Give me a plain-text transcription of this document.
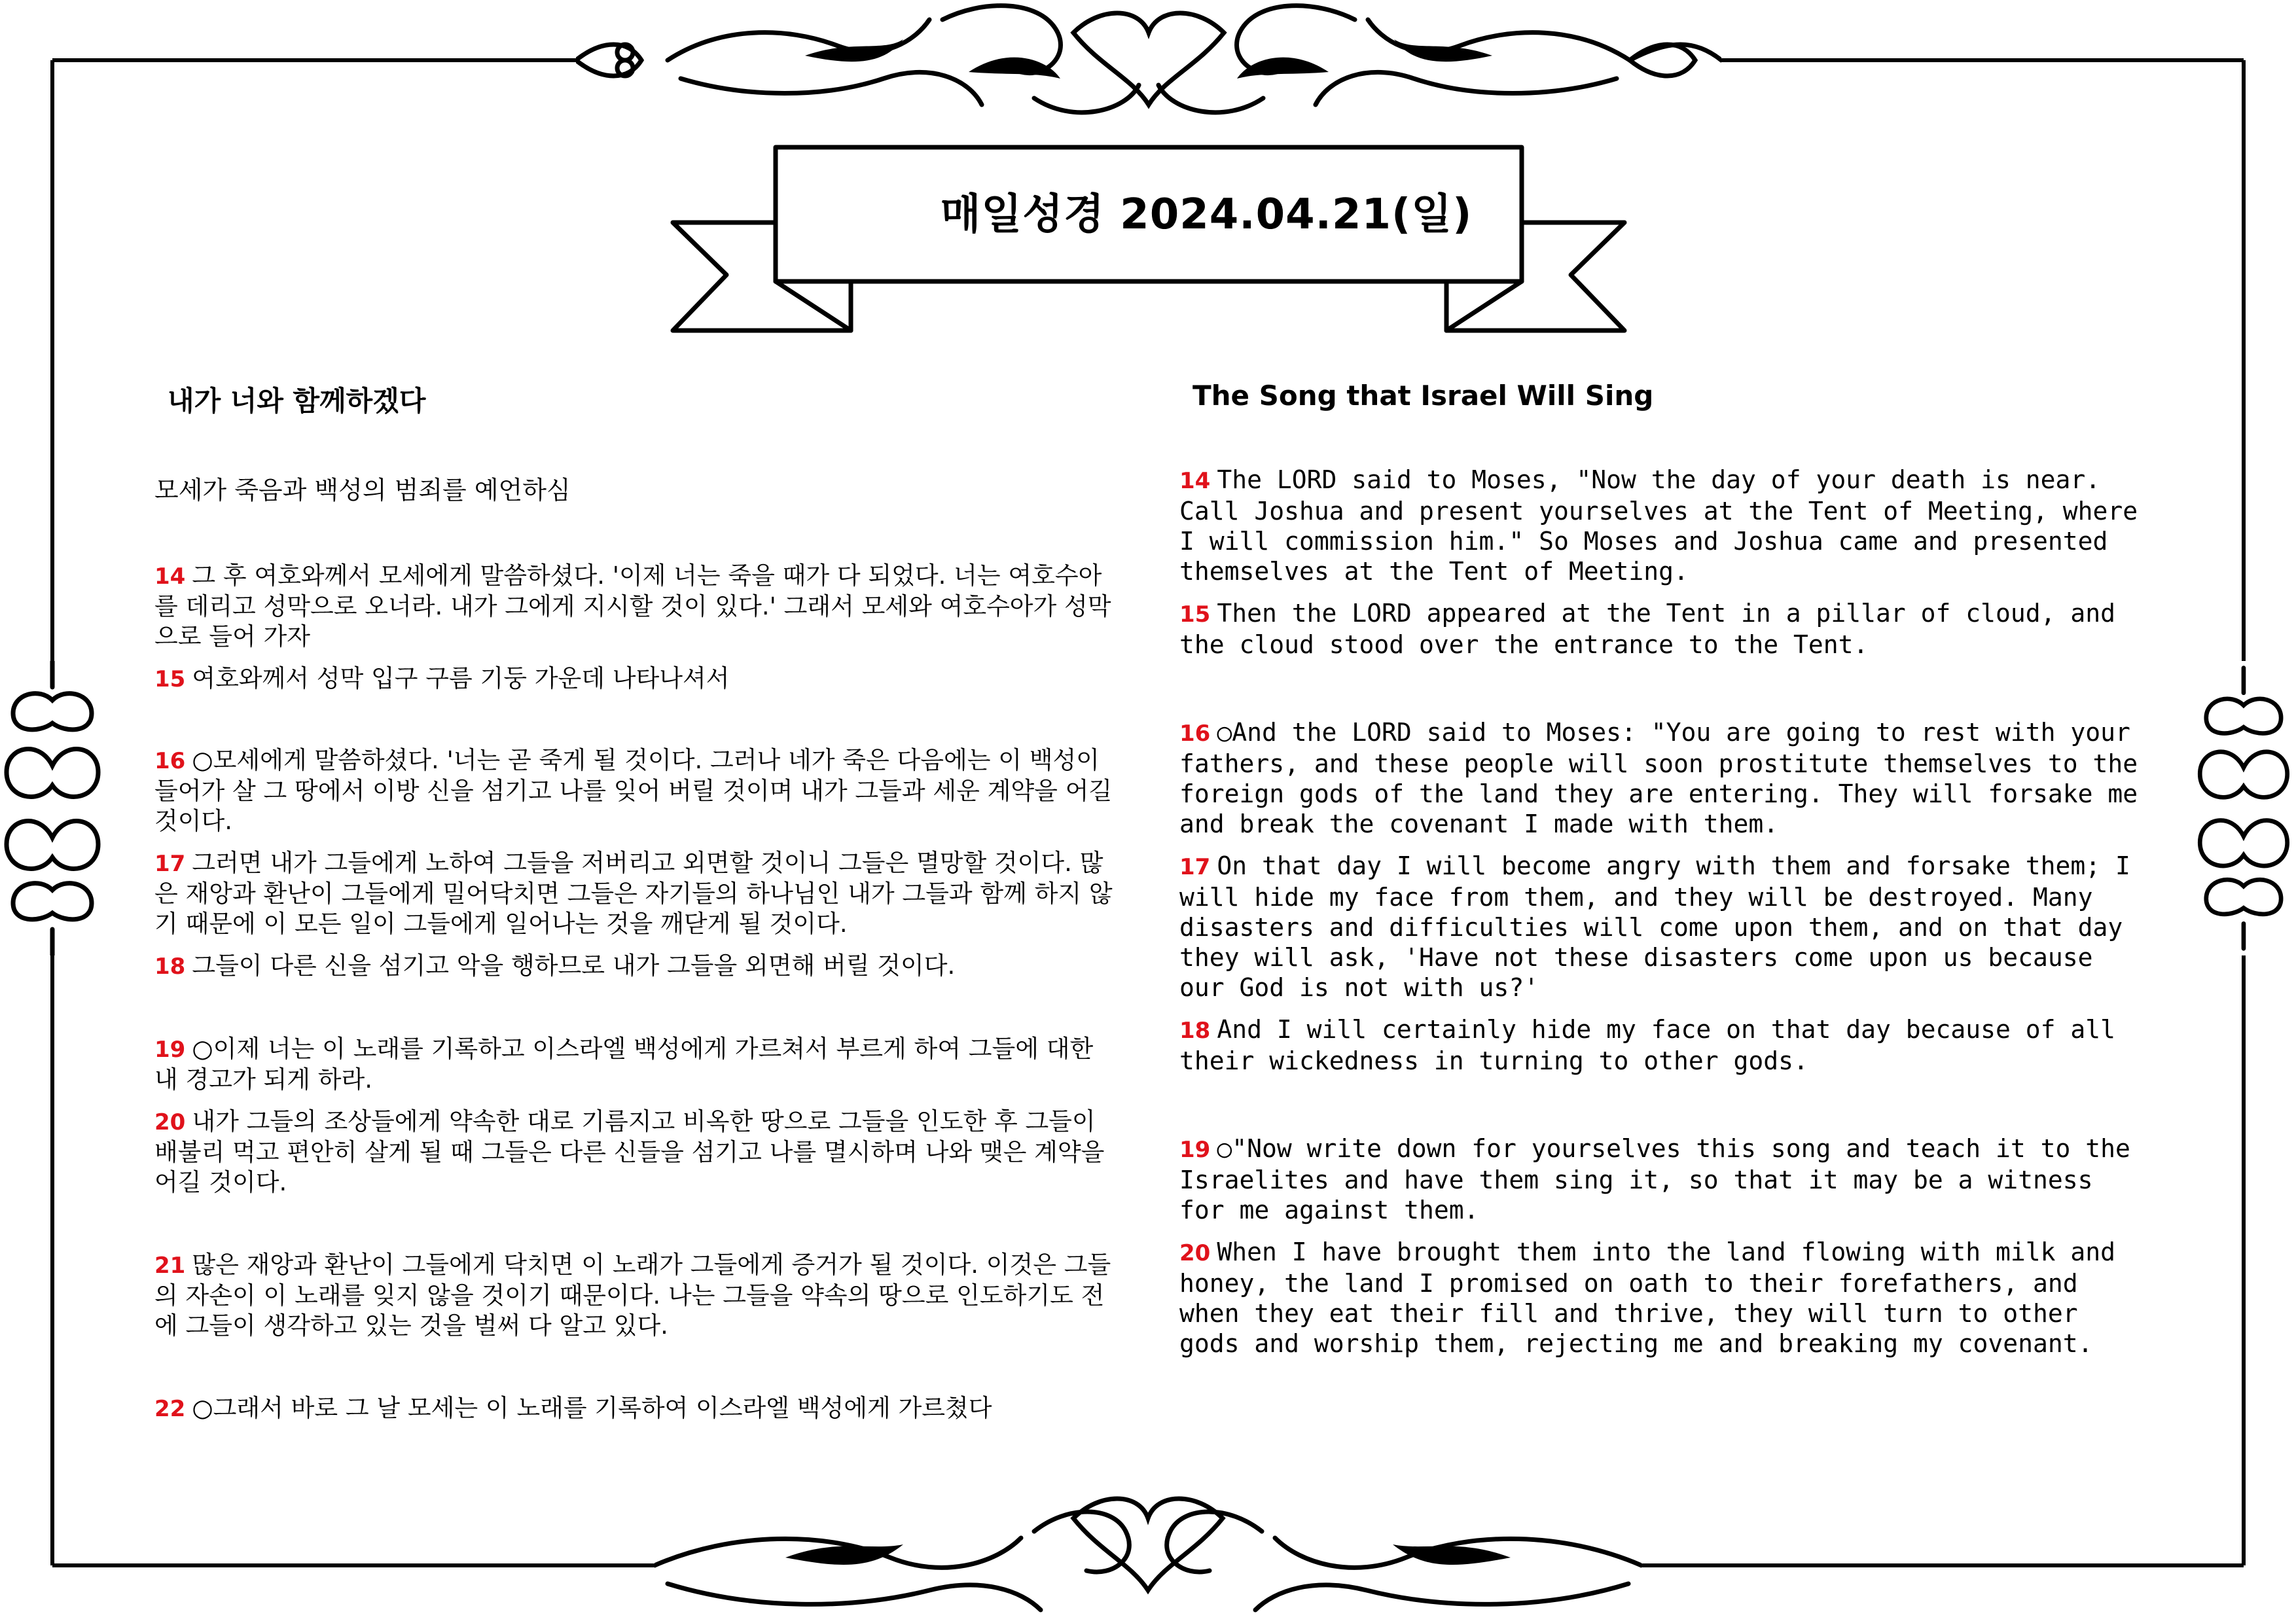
매일성경 2024.04.21(일)
내가 너와 함께하겠다
모세가 죽음과 백성의 범죄를 예언하심
14 그 후 여호와께서 모세에게 말씀하셨다. '이제 너는 죽을 때가 다 되었다. 너는 여호수아를 데리고 성막으로 오너라. 내가 그에게 지시할 것이 있다.' 그래서 모세와 여호수아가 성막으로 들어 가자
15 여호와께서 성막 입구 구름 기둥 가운데 나타나셔서
16 ○모세에게 말씀하셨다. '너는 곧 죽게 될 것이다. 그러나 네가 죽은 다음에는 이 백성이 들어가 살 그 땅에서 이방 신을 섬기고 나를 잊어 버릴 것이며 내가 그들과 세운 계약을 어길 것이다.
17 그러면 내가 그들에게 노하여 그들을 저버리고 외면할 것이니 그들은 멸망할 것이다. 많은 재앙과 환난이 그들에게 밀어닥치면 그들은 자기들의 하나님인 내가 그들과 함께 하지 않기 때문에 이 모든 일이 그들에게 일어나는 것을 깨닫게 될 것이다.
18 그들이 다른 신을 섬기고 악을 행하므로 내가 그들을 외면해 버릴 것이다.
19 ○이제 너는 이 노래를 기록하고 이스라엘 백성에게 가르쳐서 부르게 하여 그들에 대한 내 경고가 되게 하라.
20 내가 그들의 조상들에게 약속한 대로 기름지고 비옥한 땅으로 그들을 인도한 후 그들이 배불리 먹고 편안히 살게 될 때 그들은 다른 신들을 섬기고 나를 멸시하며 나와 맺은 계약을 어길 것이다.
21 많은 재앙과 환난이 그들에게 닥치면 이 노래가 그들에게 증거가 될 것이다. 이것은 그들의 자손이 이 노래를 잊지 않을 것이기 때문이다. 나는 그들을 약속의 땅으로 인도하기도 전에 그들이 생각하고 있는 것을 벌써 다 알고 있다.
22 ○그래서 바로 그 날 모세는 이 노래를 기록하여 이스라엘 백성에게 가르쳤다
The Song that Israel Will Sing
14 The LORD said to Moses, "Now the day of your death is near. Call Joshua and present yourselves at the Tent of Meeting, where I will commission him." So Moses and Joshua came and presented themselves at the Tent of Meeting.
15 Then the LORD appeared at the Tent in a pillar of cloud, and the cloud stood over the entrance to the Tent.
16 ○And the LORD said to Moses: "You are going to rest with your fathers, and these people will soon prostitute themselves to the foreign gods of the land they are entering. They will forsake me and break the covenant I made with them.
17 On that day I will become angry with them and forsake them; I will hide my face from them, and they will be destroyed. Many disasters and difficulties will come upon them, and on that day they will ask, 'Have not these disasters come upon us because our God is not with us?'
18 And I will certainly hide my face on that day because of all their wickedness in turning to other gods.
19 ○"Now write down for yourselves this song and teach it to the Israelites and have them sing it, so that it may be a witness for me against them.
20 When I have brought them into the land flowing with milk and honey, the land I promised on oath to their forefathers, and when they eat their fill and thrive, they will turn to other gods and worship them, rejecting me and breaking my covenant.
